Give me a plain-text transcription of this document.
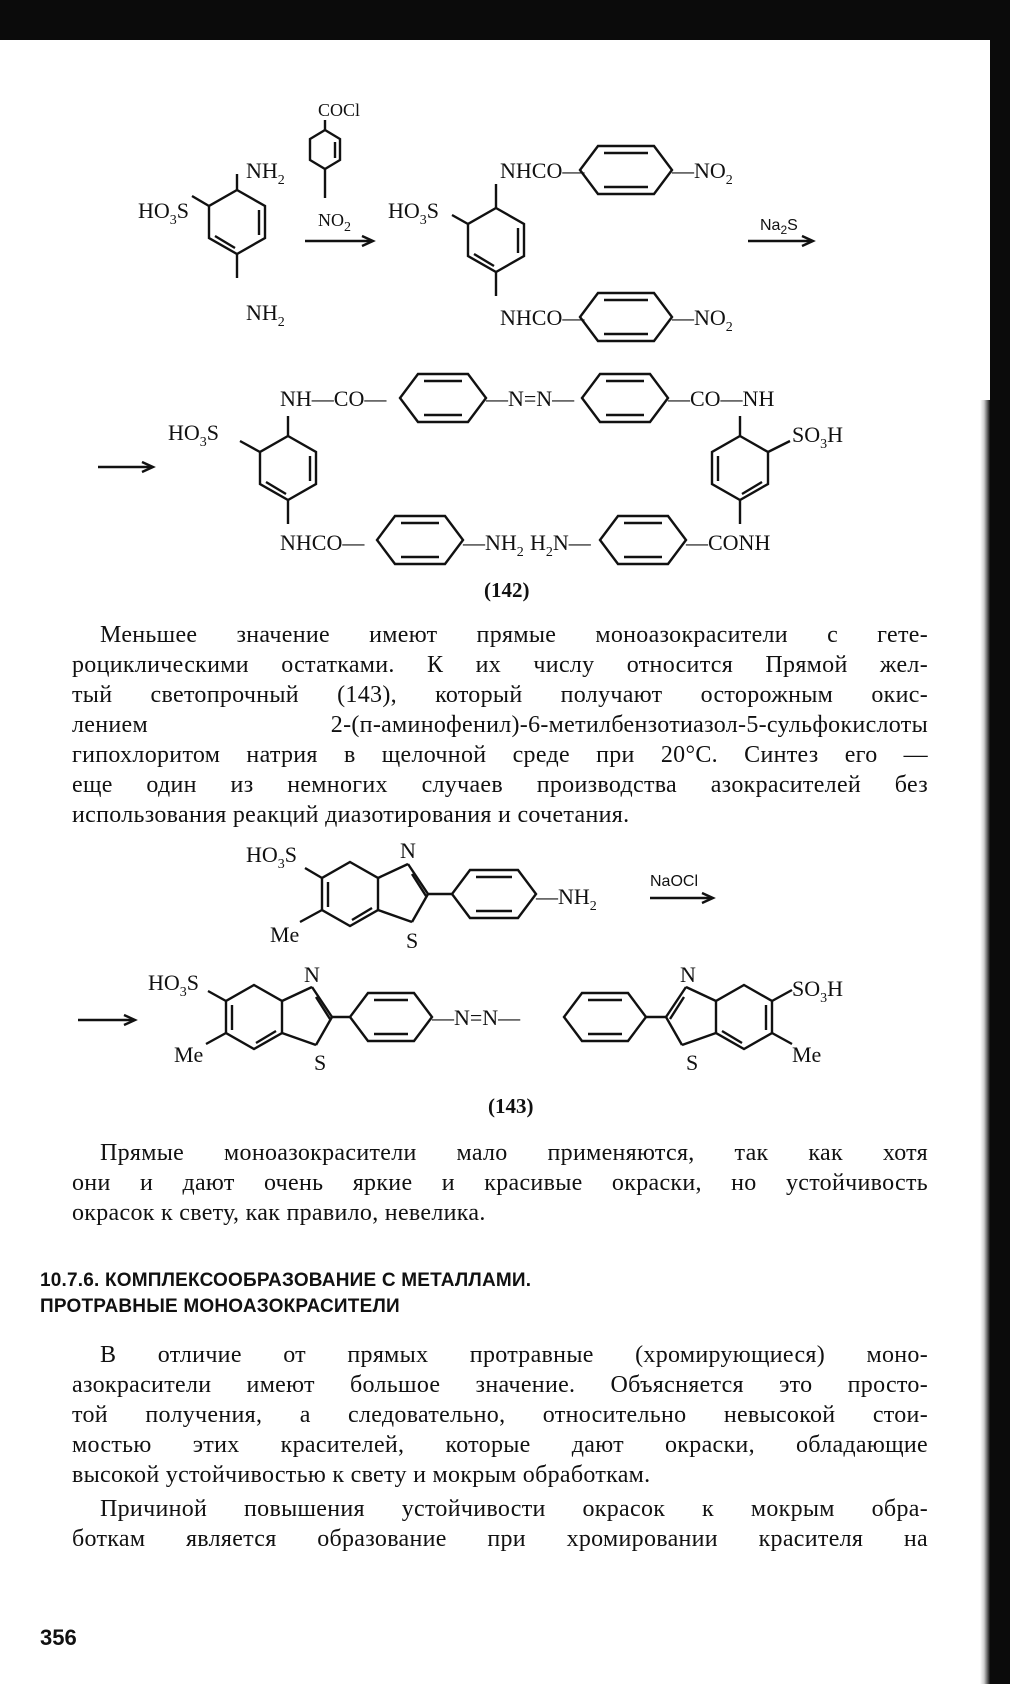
$HO_3S$
$NH_2$
$NH_2$
COCl
$NO_2$
$HO_3S$
NHCO—	$—NO_2$
NHCO—	$—NO_2$
$Na_2S$
$HO_3S$
NH—CO—	—N=N—	—CO—NH
$SO_3H$
NHCO—	$—NH_2$ $H_2N—$	—CONH
(142)
Меньшее значение имеют прямые моноазокрасители с гете-
роциклическими остатками. К их числу относится Прямой жел-
тый светопрочный (143), который получают осторожным окис-
лением 2-(п-аминофенил)-6-метилбензотиазол-5-сульфокислоты
гипохлоритом натрия в щелочной среде при 20°С. Синтез его —
еще один из немногих случаев производства азокрасителей без
использования реакций диазотирования и сочетания.
$HO_3S$	N
S
Me
$—NH_2$
NaOCl
$HO_3S$	N
S
Me
—N=N—
N
S
$SO_3H$
Me
(143)
Прямые моноазокрасители мало применяются, так как хотя
они и дают очень яркие и красивые окраски, но устойчивость
окрасок к свету, как правило, невелика.
10.7.6. КОМПЛЕКСООБРАЗОВАНИЕ С МЕТАЛЛАМИ.
ПРОТРАВНЫЕ МОНОАЗОКРАСИТЕЛИ
В отличие от прямых протравные (хромирующиеся) моно-
азокрасители имеют большое значение. Объясняется это просто-
той получения, а следовательно, относительно невысокой стои-
мостью этих красителей, которые дают окраски, обладающие
высокой устойчивостью к свету и мокрым обработкам.
Причиной повышения устойчивости окрасок к мокрым обра-
боткам является образование при хромировании красителя на
356
